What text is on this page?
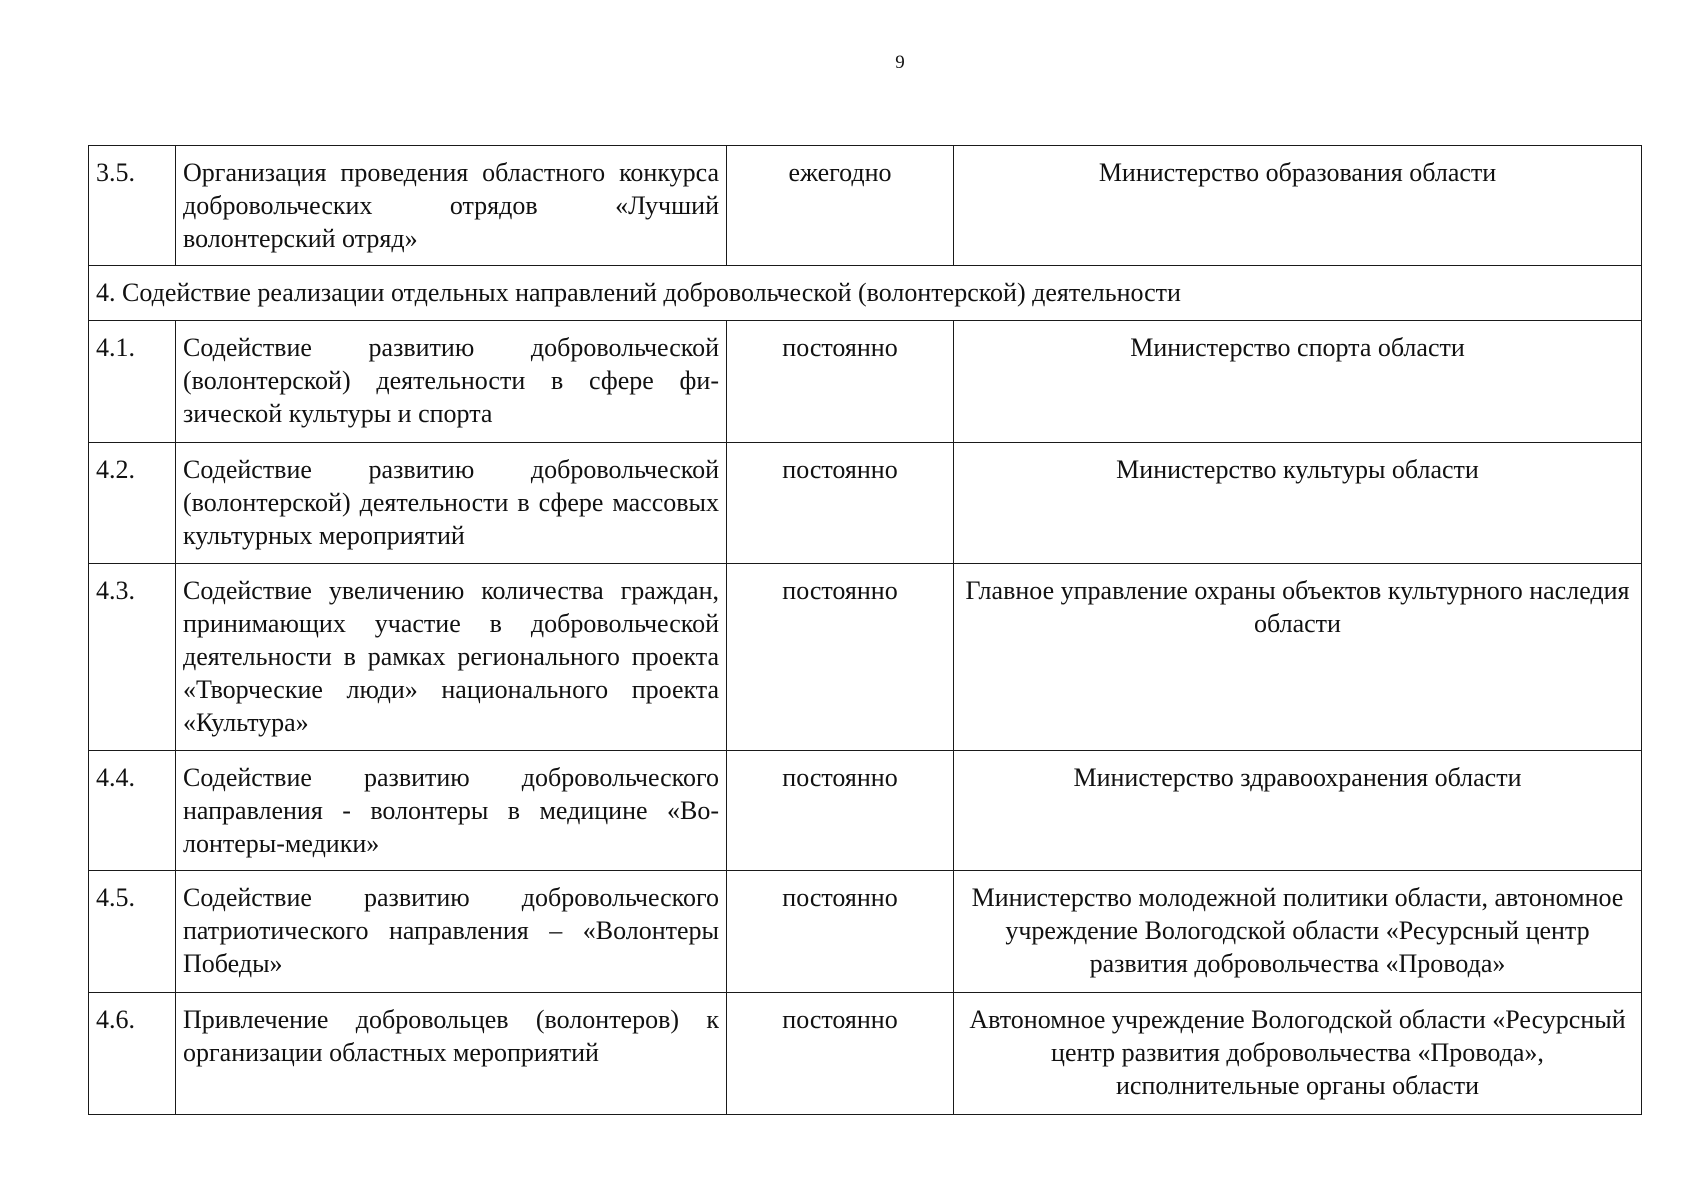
9
3.5.	Организация проведения областного конкурса добровольческих отрядов «Лучший волонтерский отряд»	ежегодно	Министерство образования области
4. Содействие реализации отдельных направлений добровольческой (волонтерской) деятельности			
4.1.	Содействие развитию добровольческой (волонтерской) деятельности в сфере физической культуры и спорта	постоянно	Министерство спорта области
4.2.	Содействие развитию добровольческой (волонтерской) деятельности в сфере массовых культурных мероприятий	постоянно	Министерство культуры области
4.3.	Содействие увеличению количества граждан, принимающих участие в добровольческой деятельности в рамках регионального проекта «Творческие люди» национального проекта «Культура»	постоянно	Главное управление охраны объектов культурного наследия области
4.4.	Содействие развитию добровольческого направления - волонтеры в медицине «Волонтеры-медики»	постоянно	Министерство здравоохранения области
4.5.	Содействие развитию добровольческого патриотического направления – «Волонтеры Победы»	постоянно	Министерство молодежной политики области, автономное учреждение Вологодской области «Ресурсный центр развития добровольчества «Провода»
4.6.	Привлечение добровольцев (волонтеров) к организации областных мероприятий	постоянно	Автономное учреждение Вологодской области «Ресурсный центр развития добровольчества «Провода», исполнительные органы области
